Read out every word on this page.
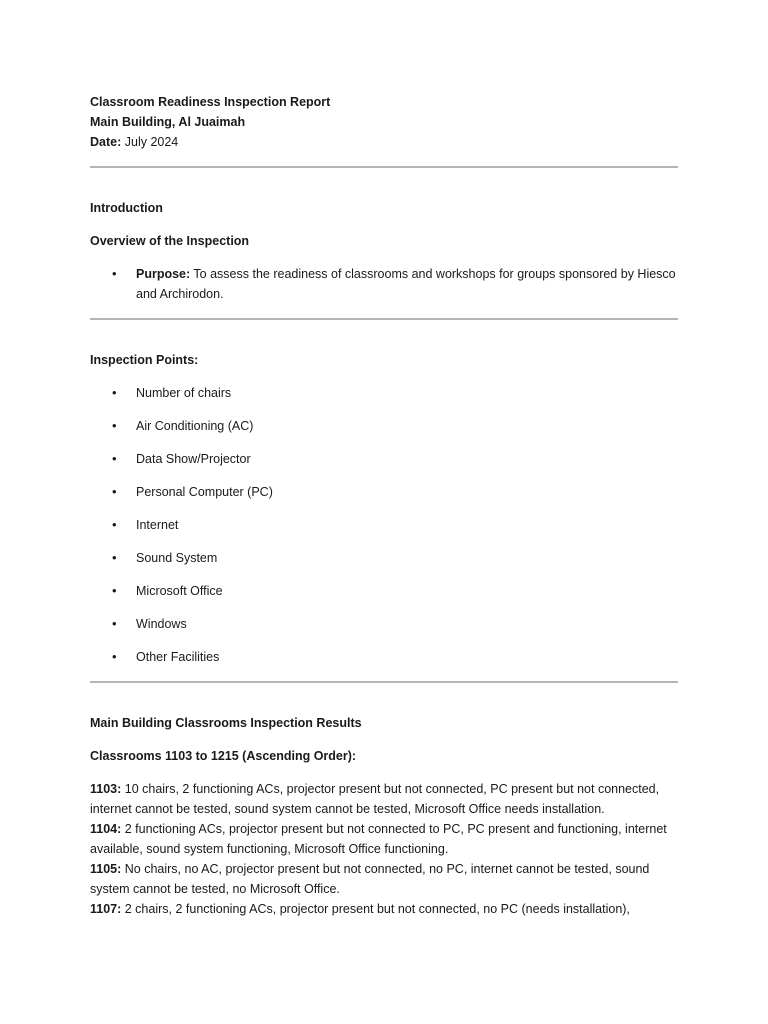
Classroom Readiness Inspection Report

Main Building, Al Juaimah

Date: July 2024

Introduction

Overview of the Inspection

• Purpose: To assess the readiness of classrooms and workshops for groups sponsored by Hiesco and Archirodon.

Inspection Points:

• Number of chairs
• Air Conditioning (AC)
• Data Show/Projector
• Personal Computer (PC)
• Internet
• Sound System
• Microsoft Office
• Windows
• Other Facilities

Main Building Classrooms Inspection Results

Classrooms 1103 to 1215 (Ascending Order):

1103: 10 chairs, 2 functioning ACs, projector present but not connected, PC present but not connected, internet cannot be tested, sound system cannot be tested, Microsoft Office needs installation.

1104: 2 functioning ACs, projector present but not connected to PC, PC present and functioning, internet available, sound system functioning, Microsoft Office functioning.

1105: No chairs, no AC, projector present but not connected, no PC, internet cannot be tested, sound system cannot be tested, no Microsoft Office.

1107: 2 chairs, 2 functioning ACs, projector present but not connected, no PC (needs installation),
